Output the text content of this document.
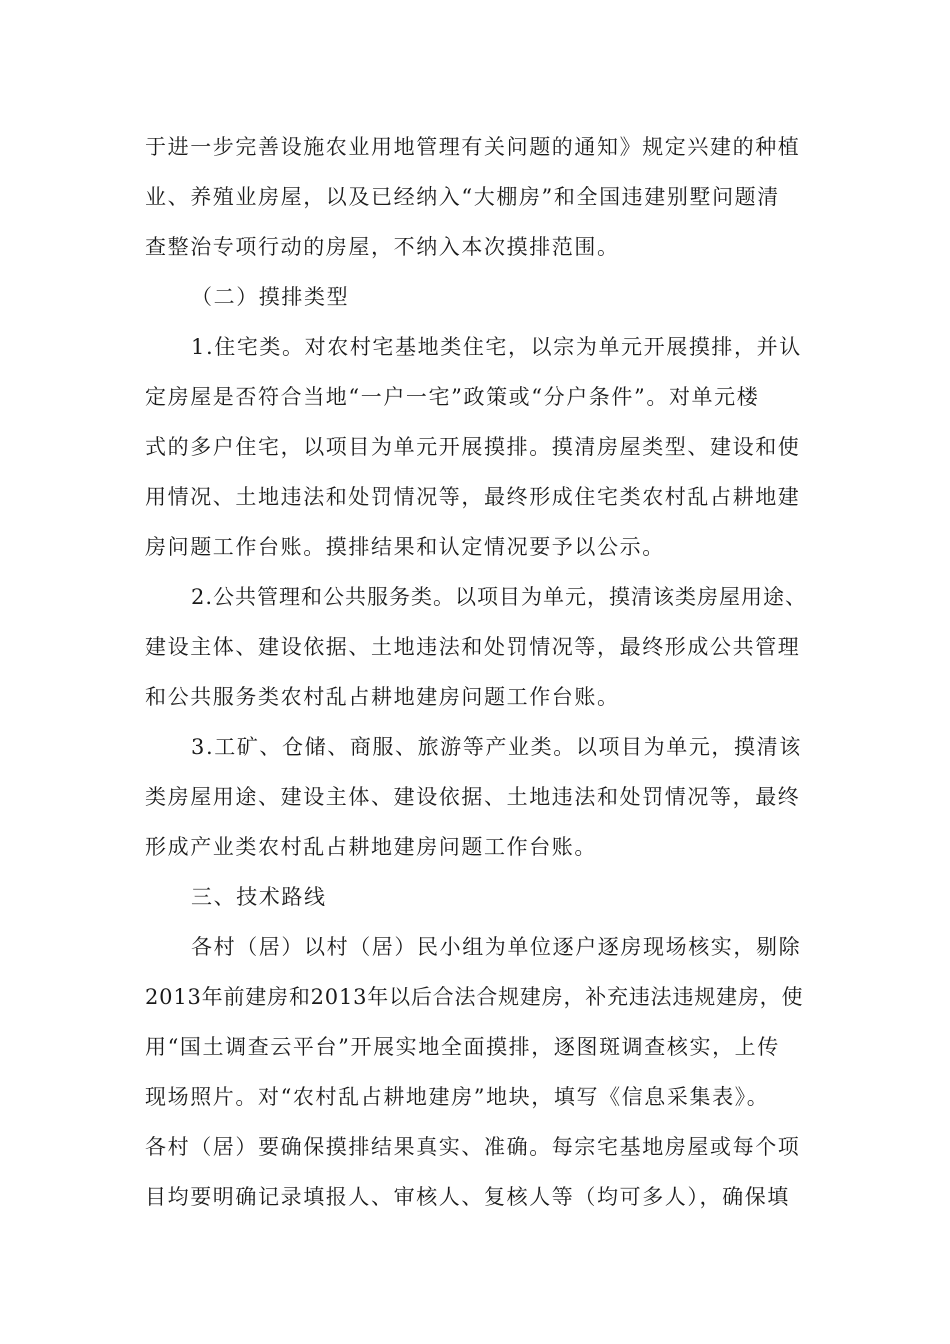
于进一步完善设施农业用地管理有关问题的通知》规定兴建的种植
业、养殖业房屋，以及已经纳入“大棚房”和全国违建别墅问题清
查整治专项行动的房屋，不纳入本次摸排范围。
（二）摸排类型
1.住宅类。对农村宅基地类住宅，以宗为单元开展摸排，并认
定房屋是否符合当地“一户一宅”政策或“分户条件”。对单元楼
式的多户住宅，以项目为单元开展摸排。摸清房屋类型、建设和使
用情况、土地违法和处罚情况等，最终形成住宅类农村乱占耕地建
房问题工作台账。摸排结果和认定情况要予以公示。
2.公共管理和公共服务类。以项目为单元，摸清该类房屋用途、
建设主体、建设依据、土地违法和处罚情况等，最终形成公共管理
和公共服务类农村乱占耕地建房问题工作台账。
3.工矿、仓储、商服、旅游等产业类。以项目为单元，摸清该
类房屋用途、建设主体、建设依据、土地违法和处罚情况等，最终
形成产业类农村乱占耕地建房问题工作台账。
三、技术路线
各村（居）以村（居）民小组为单位逐户逐房现场核实，剔除
2013年前建房和2013年以后合法合规建房，补充违法违规建房，使
用“国土调查云平台”开展实地全面摸排，逐图斑调查核实，上传
现场照片。对“农村乱占耕地建房”地块，填写《信息采集表》。
各村（居）要确保摸排结果真实、准确。每宗宅基地房屋或每个项
目均要明确记录填报人、审核人、复核人等（均可多人），确保填
